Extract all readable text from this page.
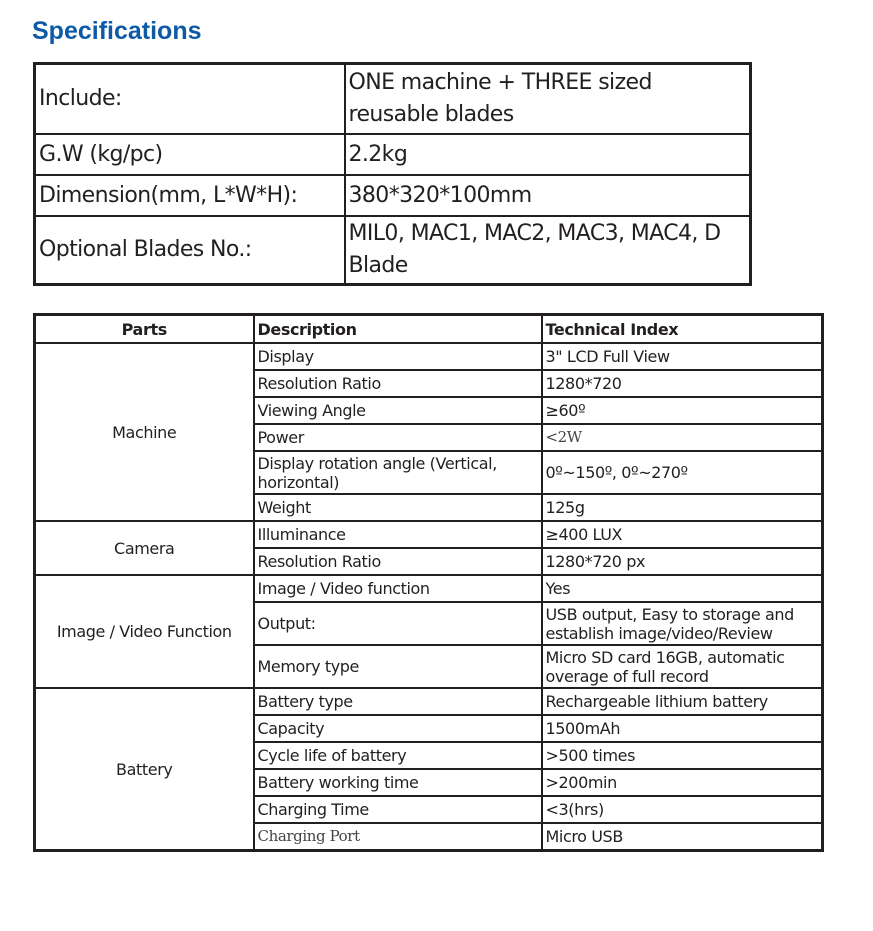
Specifications
Include:	ONE machine + THREE sized reusable blades
G.W (kg/pc)	2.2kg
Dimension(mm, L*W*H):	380*320*100mm
Optional Blades No.:	MIL0, MAC1, MAC2, MAC3, MAC4, D Blade
Parts	Description	Technical Index
Machine	Display	3" LCD Full View
	Resolution Ratio	1280*720
	Viewing Angle	≥60º
	Power	<2W
	Display rotation angle (Vertical, horizontal)	0º~150º, 0º~270º
	Weight	125g
Camera	Illuminance	≥400 LUX
	Resolution Ratio	1280*720 px
Image / Video Function	Image / Video function	Yes
	Output:	USB output, Easy to storage and establish image/video/Review
	Memory type	Micro SD card 16GB, automatic overage of full record
Battery	Battery type	Rechargeable lithium battery
	Capacity	1500mAh
	Cycle life of battery	>500 times
	Battery working time	>200min
	Charging Time	<3(hrs)
	Charging Port	Micro USB
